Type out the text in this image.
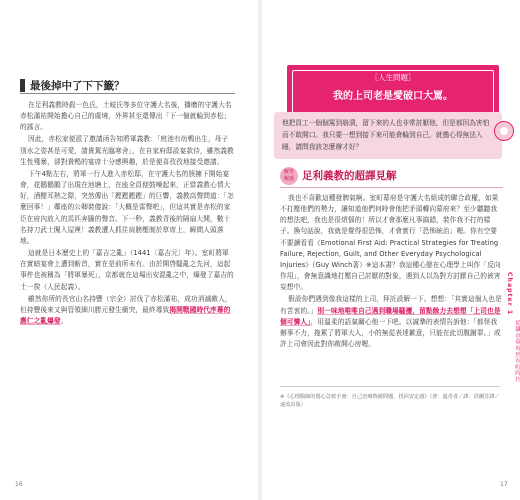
最後掉中了下下籤？

在足利義教時殺一色氏，土岐氏等多位守護大名後，播磨的守護大名赤松滿祐開始擔心自己的處境，外界甚至還傳出「下一個就輪到赤松」的謠言。

因此，赤松家便派了邀請函告知將軍義教：「庭池有幼鴨出生，母子別水之姿甚是可愛，請貴駕光臨寒舍」，在自家府邸設宴款待，雖然義教生性殘暴，卻對貴鴨的宴席十分感興趣，於是便喜孜孜地接受邀請。

下午4點左右，將軍一行人進入赤松邸，在守護大名的簇擁下開始宴會，花鵝鵝鵝了出現在池塘上，在座全員便鼓噪起來，正當義教心情大好，酒酣耳熱之際，突然傳出「鏗鏗鏗鏗」的巨響，義教高聲問道：「怎麼回事！」鄰座的公卿裝傻說：「大概是雷聲吧」，但這其實是赤松的家臣在府內放入的馬匹奔騰的聲音。下一秒，義教背後的隔扇大開，數十名持刀武士闖入屋裡！義教遭人抓住肩膀壓制於草席上，瞬間人頭落地。

這就是日本歷史上的「嘉吉之亂」（1441〔嘉吉元〕年）。室町將軍在實暗宴會上遭到斬首，實在是前所未有。由於開啓騷亂之先河，這起事件也被稱為「將軍暴死」，京都就在這場出安混亂之中，爆發了嘉吉的土一揆（人民起義）。

雖然你所的長官山名持豐（宗全）討伐了赤松滿祐，成功消滅敵人，但持豐後來又與管領細川勝元發生衝突，最終導致揭開戰國時代序幕的應仁之亂爆發。

16
［人生問題］
我的上司老是愛破口大罵。

他把員工一個個罵到崩潰，留下來的人也非常討厭他，但是都因為害怕而不敢開口。我只要一想到接下來可能會輪到自己，就擔心得無法入睡，請問我該怎麼辦才好？

解答
解惑 足利義教的超譯見解

我也不喜歡這種發脾氣啊。室町幕府是守護大名組成的聯合政權，如果不打壓他們的勢力，讓知道他們何時會他把矛頭轉向幕府來？至少聽聽我的想法吧，我也是很煩惱的！所以才會那麼凡事搞錯，裝作我不打的樣子。換句話說，我就是覺得很恐怖，才會實行「恐怖統治」喔。你有空要不要讀看看《Emotional First Aid: Practical Strategies for Treating Failure, Rejection, Guilt, and Other Everyday Psychological Injuries》（Guy Winch著）※這本書？我這種心態在心理學上叫作「反向作用」，會無意識地打壓自己討厭的對象，遇到人以為對方討厭自己的被害妄想中。

假設你們遇到像我這樣的上司，拜託設解一下。想想：「其實這個人也是有苦衷的。」別一味地唯唯自己遇到職場騷擾，留點餘力去想想「上司也是個可憐人」，用溫柔的語氣關心他一下吧。以誠摯的表情告訴他：「都怪我辦事不力，拖累了將軍大人，小的無從表達歉意，只能在此切腹謝罪。」或許上司會因此對你敞開心房喔。

※《心理醫師的傷心急救手冊：自己治療情緒問題，找回安定感》（著：溫奇者／譯：洪蘭芳譯／遠流出版）

Chapter 1
從鎌倉幕府到室町時代
17
